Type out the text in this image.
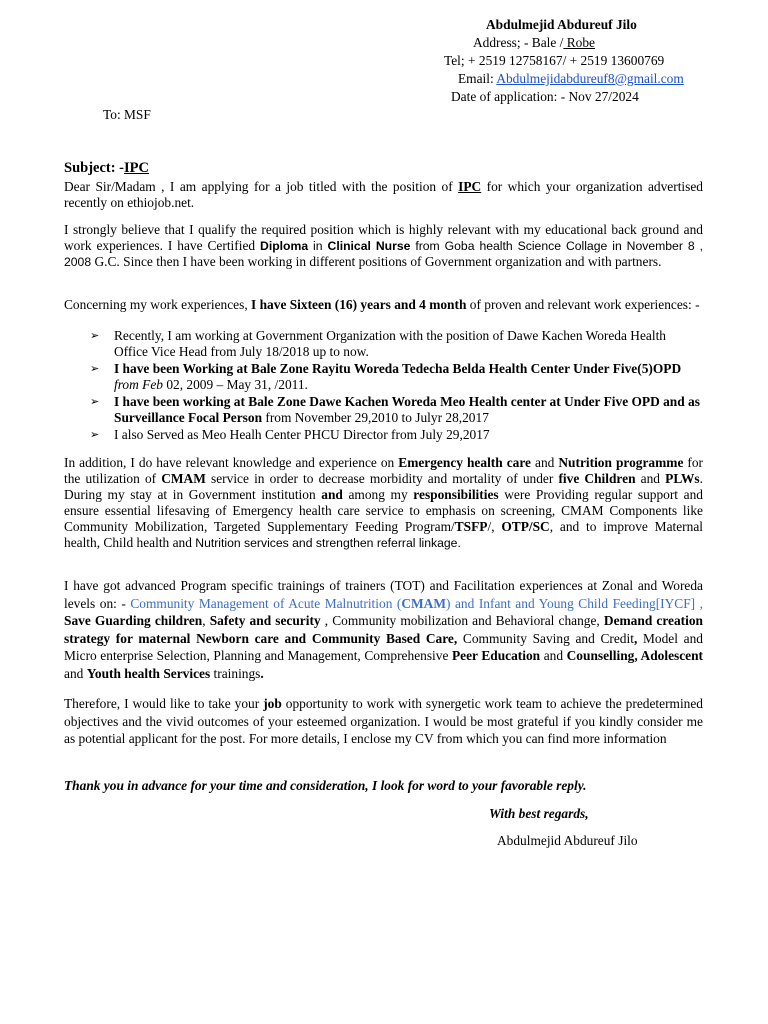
Abdulmejid Abdureuf Jilo
Address; - Bale / Robe
Tel; + 2519 12758167/ + 2519 13600769
Email: Abdulmejidabdureuf8@gmail.com
Date of application: - Nov 27/2024
To: MSF
Subject: -IPC

Dear Sir/Madam , I am applying for a job titled with the position of IPC for which your organization advertised recently on ethiojob.net.

I strongly believe that I qualify the required position which is highly relevant with my educational back ground and work experiences. I have Certified Diploma in Clinical Nurse from Goba health Science Collage in November 8 , 2008 G.C. Since then I have been working in different positions of Government organization and with partners.

Concerning my work experiences, I have Sixteen (16) years and 4 month of proven and relevant work experiences: -

➢ Recently, I am working at Government Organization with the position of Dawe Kachen Woreda Health Office Vice Head from July 18/2018 up to now.
➢ I have been Working at Bale Zone Rayitu Woreda Tedecha Belda Health Center Under Five(5)OPD from Feb 02, 2009 – May 31, /2011.
➢ I have been working at Bale Zone Dawe Kachen Woreda Meo Health center at Under Five OPD and as Surveillance Focal Person from November 29,2010 to Julyr 28,2017
➢ I also Served as Meo Healh Center PHCU Director from July 29,2017

In addition, I do have relevant knowledge and experience on Emergency health care and Nutrition programme for the utilization of CMAM service in order to decrease morbidity and mortality of under five Children and PLWs. During my stay at in Government institution and among my responsibilities were Providing regular support and ensure essential lifesaving of Emergency health care service to emphasis on screening, CMAM Components like Community Mobilization, Targeted Supplementary Feeding Program/TSFP/, OTP/SC, and to improve Maternal health, Child health and Nutrition services and strengthen referral linkage.

I have got advanced Program specific trainings of trainers (TOT) and Facilitation experiences at Zonal and Woreda levels on: - Community Management of Acute Malnutrition (CMAM) and Infant and Young Child Feeding[IYCF] , Save Guarding children, Safety and security , Community mobilization and Behavioral change, Demand creation strategy for maternal Newborn care and Community Based Care, Community Saving and Credit, Model and Micro enterprise Selection, Planning and Management, Comprehensive Peer Education and Counselling, Adolescent and Youth health Services trainings.

Therefore, I would like to take your job opportunity to work with synergetic work team to achieve the predetermined objectives and the vivid outcomes of your esteemed organization. I would be most grateful if you kindly consider me as potential applicant for the post. For more details, I enclose my CV from which you can find more information

Thank you in advance for your time and consideration, I look for word to your favorable reply.
With best regards,
Abdulmejid Abdureuf Jilo
